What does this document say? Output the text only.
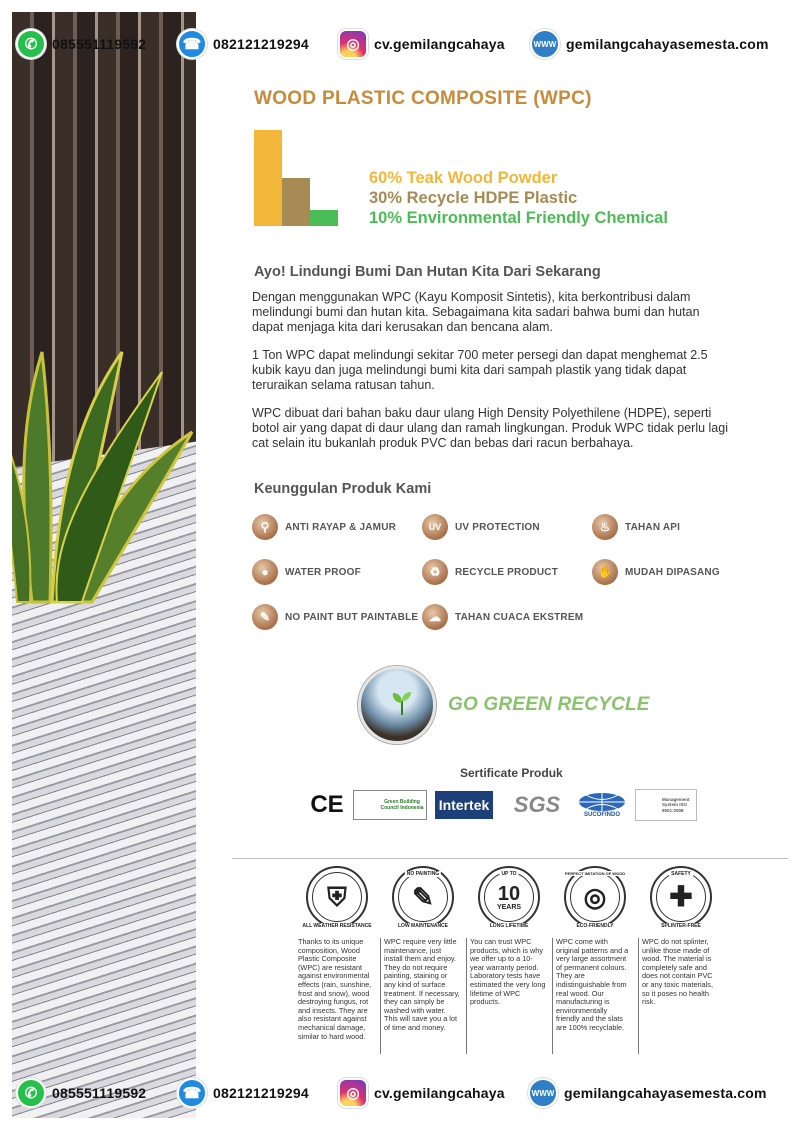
✆	085551119592	☎ 082121219294	◎	cv.gemilangcahaya	WWW gemilangcahayasemesta.com
WOOD PLASTIC COMPOSITE (WPC)
60% Teak Wood Powder
30% Recycle HDPE Plastic
10% Environmental Friendly Chemical
Ayo! Lindungi Bumi Dan Hutan Kita Dari Sekarang
Dengan menggunakan WPC (Kayu Komposit Sintetis), kita berkontribusi dalam melindungi bumi dan hutan kita. Sebagaimana kita sadari bahwa bumi dan hutan dapat menjaga kita dari kerusakan dan bencana alam.
1 Ton WPC dapat melindungi sekitar 700 meter persegi dan dapat menghemat 2.5 kubik kayu dan juga melindungi bumi kita dari sampah plastik yang tidak dapat teruraikan selama ratusan tahun.
WPC dibuat dari bahan baku daur ulang High Density Polyethilene (HDPE), seperti botol air yang dapat di daur ulang dan ramah lingkungan. Produk WPC tidak perlu lagi cat selain itu bukanlah produk PVC dan bebas dari racun berbahaya.
Keunggulan Produk Kami
⚲	ANTI RAYAP & JAMUR	UV	UV PROTECTION	♨	TAHAN API
●	WATER PROOF	♻	RECYCLE PRODUCT	✋	MUDAH DIPASANG
✎	NO PAINT BUT PAINTABLE ☁	TAHAN CUACA EKSTREM
GO GREEN RECYCLE
Sertificate Produk
CE	Green Building Council Indonesia Intertek SGS	SUCOFINDO
Management System ISO 9001:2008
⛨
ALL WEATHER RESISTANCE
Thanks to its unique composition, Wood Plastic Composite (WPC) are resistant against environmental effects (rain, sunshine, frost and snow), wood destroying fungus, rot and insects. They are also resistant against mechanical damage, similar to hard wood.
NO PAINTING
✎
LOW MAINTENANCE
WPC require very little maintenance, just install them and enjoy. They do not require painting, staining or any kind of surface treatment. If necessary, they can simply be washed with water. This will save you a lot of time and money.
UP TO
10
YEARS
LONG LIFETIME
You can trust WPC products, which is why we offer up to a 10-year warranty period. Laboratory tests have estimated the very long lifetime of WPC products.
PERFECT IMITATION OF WOOD
◎
ECO-FRIENDLY
WPC come with original patterns and a very large assortment of permanent colours. They are indistinguishable from real wood. Our manufacturing is environmentally friendly and the slats are 100% recyclable.
SAFETY
✚
SPLINTER-FREE
WPC do not splinter, unlike those made of wood. The material is completely safe and does not contain PVC or any toxic materials, so it poses no health risk.
✆	085551119592	☎ 082121219294	◎	cv.gemilangcahaya	WWW gemilangcahayasemesta.com
